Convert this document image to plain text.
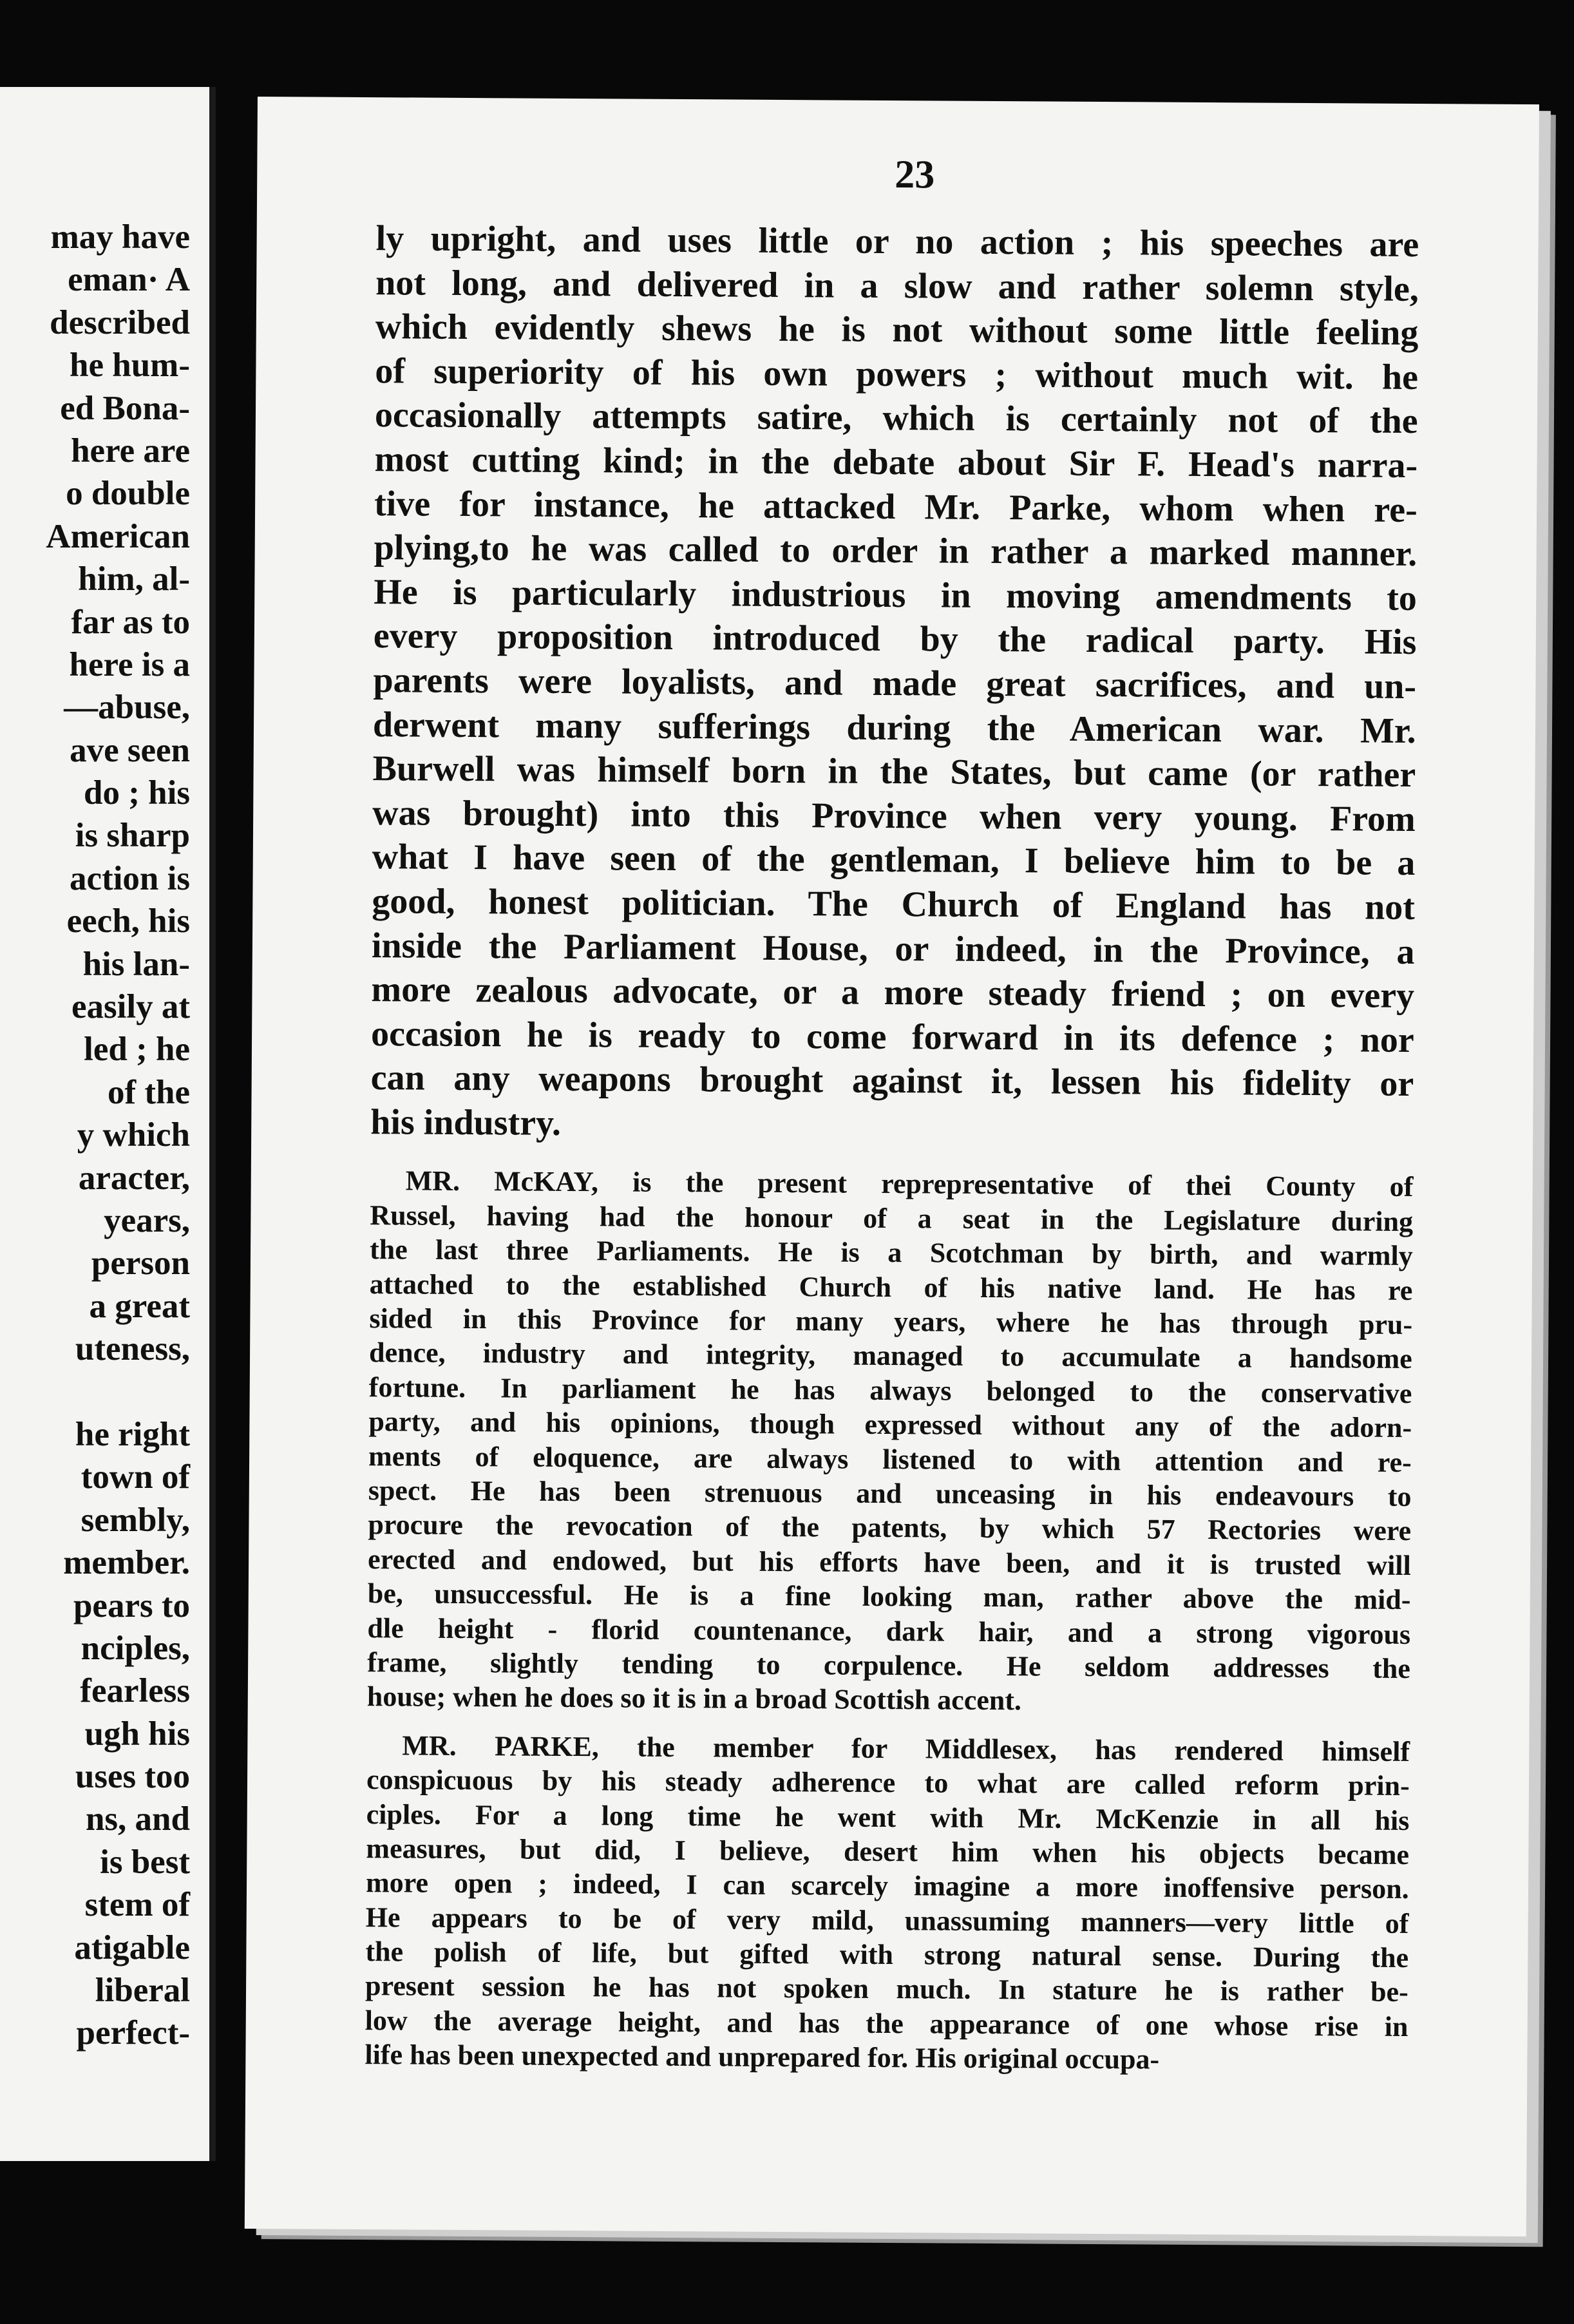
may have
eman· A
described
he hum-
ed Bona-
here are
o double
American
him, al-
far as to
here is a
—abuse,
ave seen
do ; his
is sharp
action is
eech, his
his lan-
easily at
led ; he
of the
y which
aracter,
years,
person
a great
uteness,
he right
town of
sembly,
member.
pears to
nciples,
fearless
ugh his
uses too
ns, and
is best
stem of
atigable
liberal
perfect-
23
ly upright, and uses little or no action ; his speeches are
not long, and delivered in a slow and rather solemn style,
which evidently shews he is not without some little feeling
of superiority of his own powers ; without much wit. he
occasionally attempts satire, which is certainly not of the
most cutting kind; in the debate about Sir F. Head's narra-
tive for instance, he attacked Mr. Parke, whom when re-
plying,to he was called to order in rather a marked manner.
He is particularly industrious in moving amendments to
every proposition introduced by the radical party. His
parents were loyalists, and made great sacrifices, and un-
derwent many sufferings during the American war. Mr.
Burwell was himself born in the States, but came (or rather
was brought) into this Province when very young. From
what I have seen of the gentleman, I believe him to be a
good, honest politician. The Church of England has not
inside the Parliament House, or indeed, in the Province, a
more zealous advocate, or a more steady friend ; on every
occasion he is ready to come forward in its defence ; nor
can any weapons brought against it, lessen his fidelity or
his industry.
MR. McKAY, is the present reprepresentative of thei County of
Russel, having had the honour of a seat in the Legislature during
the last three Parliaments. He is a Scotchman by birth, and warmly
attached to the established Church of his native land. He has re
sided in this Province for many years, where he has through pru-
dence, industry and integrity, managed to accumulate a handsome
fortune. In parliament he has always belonged to the conservative
party, and his opinions, though expressed without any of the adorn-
ments of eloquence, are always listened to with attention and re-
spect. He has been strenuous and unceasing in his endeavours to
procure the revocation of the patents, by which 57 Rectories were
erected and endowed, but his efforts have been, and it is trusted will
be, unsuccessful. He is a fine looking man, rather above the mid-
dle height - florid countenance, dark hair, and a strong vigorous
frame, slightly tending to corpulence. He seldom addresses the
house; when he does so it is in a broad Scottish accent.
MR. PARKE, the member for Middlesex, has rendered himself
conspicuous by his steady adherence to what are called reform prin-
ciples. For a long time he went with Mr. McKenzie in all his
measures, but did, I believe, desert him when his objects became
more open ; indeed, I can scarcely imagine a more inoffensive person.
He appears to be of very mild, unassuming manners—very little of
the polish of life, but gifted with strong natural sense. During the
present session he has not spoken much. In stature he is rather be-
low the average height, and has the appearance of one whose rise in
life has been unexpected and unprepared for. His original occupa-
